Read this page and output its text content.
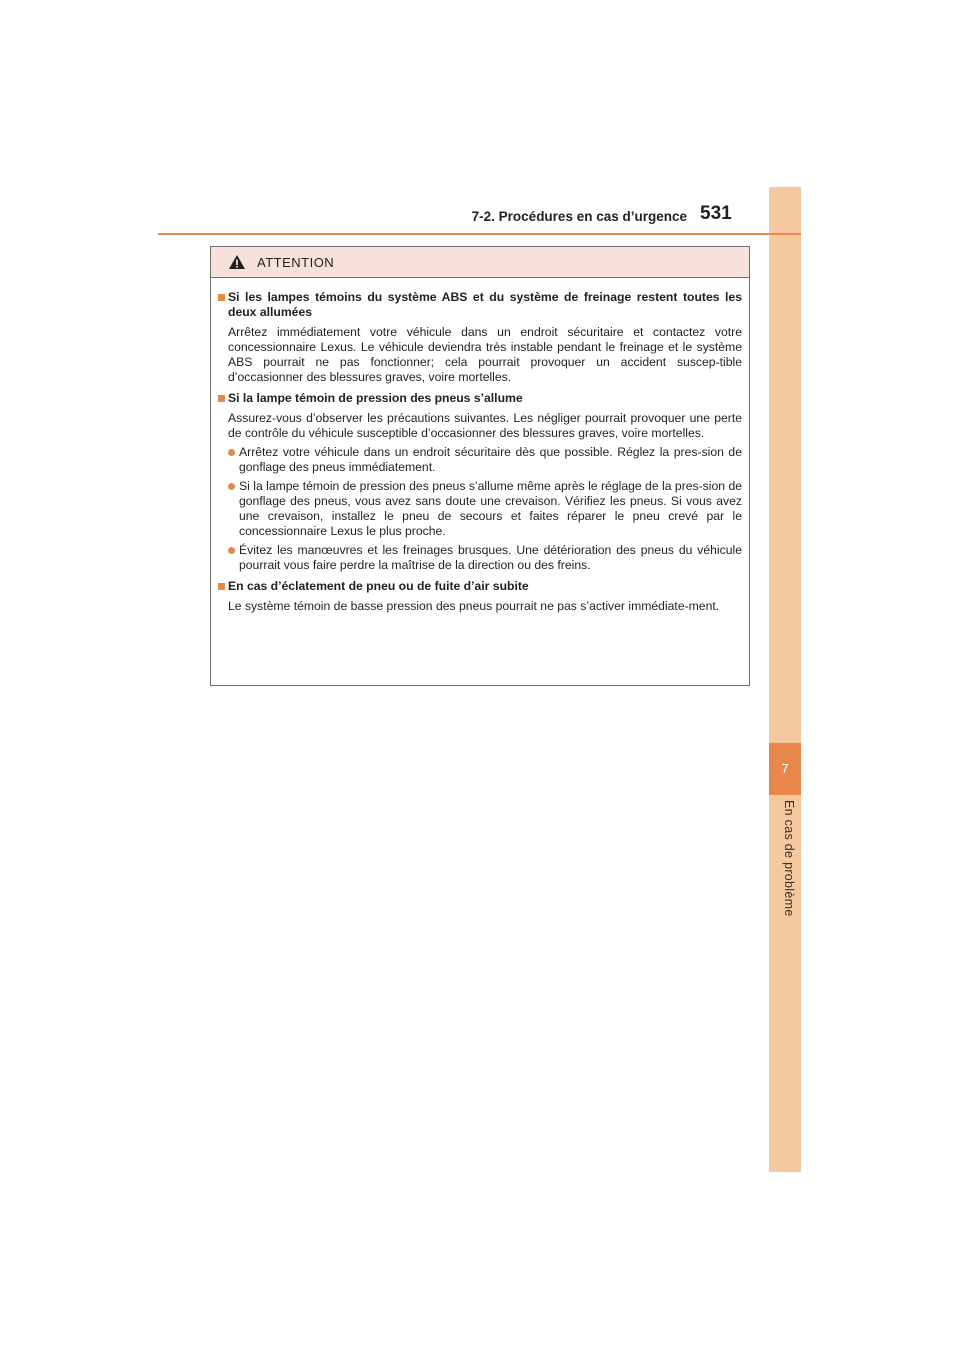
7
En cas de problème
7-2. Procédures en cas d’urgence 531
ATTENTION
Si les lampes témoins du système ABS et du système de freinage restent toutes les deux allumées
Arrêtez immédiatement votre véhicule dans un endroit sécuritaire et contactez votre concessionnaire Lexus. Le véhicule deviendra très instable pendant le freinage et le système ABS pourrait ne pas fonctionner; cela pourrait provoquer un accident suscep-tible d’occasionner des blessures graves, voire mortelles.
Si la lampe témoin de pression des pneus s’allume
Assurez-vous d’observer les précautions suivantes. Les négliger pourrait provoquer une perte de contrôle du véhicule susceptible d’occasionner des blessures graves, voire mortelles.
Arrêtez votre véhicule dans un endroit sécuritaire dès que possible. Réglez la pres-sion de gonflage des pneus immédiatement.
Si la lampe témoin de pression des pneus s’allume même après le réglage de la pres-sion de gonflage des pneus, vous avez sans doute une crevaison. Vérifiez les pneus. Si vous avez une crevaison, installez le pneu de secours et faites réparer le pneu crevé par le concessionnaire Lexus le plus proche.
Évitez les manœuvres et les freinages brusques. Une détérioration des pneus du véhicule pourrait vous faire perdre la maîtrise de la direction ou des freins.
En cas d’éclatement de pneu ou de fuite d’air subite
Le système témoin de basse pression des pneus pourrait ne pas s’activer immédiate-ment.
